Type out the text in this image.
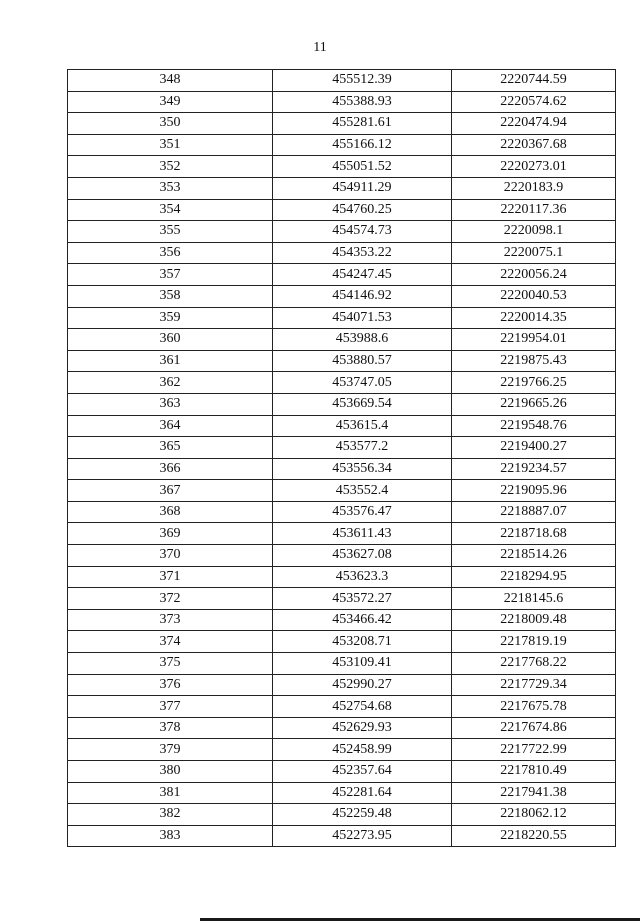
11
348	455512.39	2220744.59
349	455388.93	2220574.62
350	455281.61	2220474.94
351	455166.12	2220367.68
352	455051.52	2220273.01
353	454911.29	2220183.9
354	454760.25	2220117.36
355	454574.73	2220098.1
356	454353.22	2220075.1
357	454247.45	2220056.24
358	454146.92	2220040.53
359	454071.53	2220014.35
360	453988.6	2219954.01
361	453880.57	2219875.43
362	453747.05	2219766.25
363	453669.54	2219665.26
364	453615.4	2219548.76
365	453577.2	2219400.27
366	453556.34	2219234.57
367	453552.4	2219095.96
368	453576.47	2218887.07
369	453611.43	2218718.68
370	453627.08	2218514.26
371	453623.3	2218294.95
372	453572.27	2218145.6
373	453466.42	2218009.48
374	453208.71	2217819.19
375	453109.41	2217768.22
376	452990.27	2217729.34
377	452754.68	2217675.78
378	452629.93	2217674.86
379	452458.99	2217722.99
380	452357.64	2217810.49
381	452281.64	2217941.38
382	452259.48	2218062.12
383	452273.95	2218220.55
